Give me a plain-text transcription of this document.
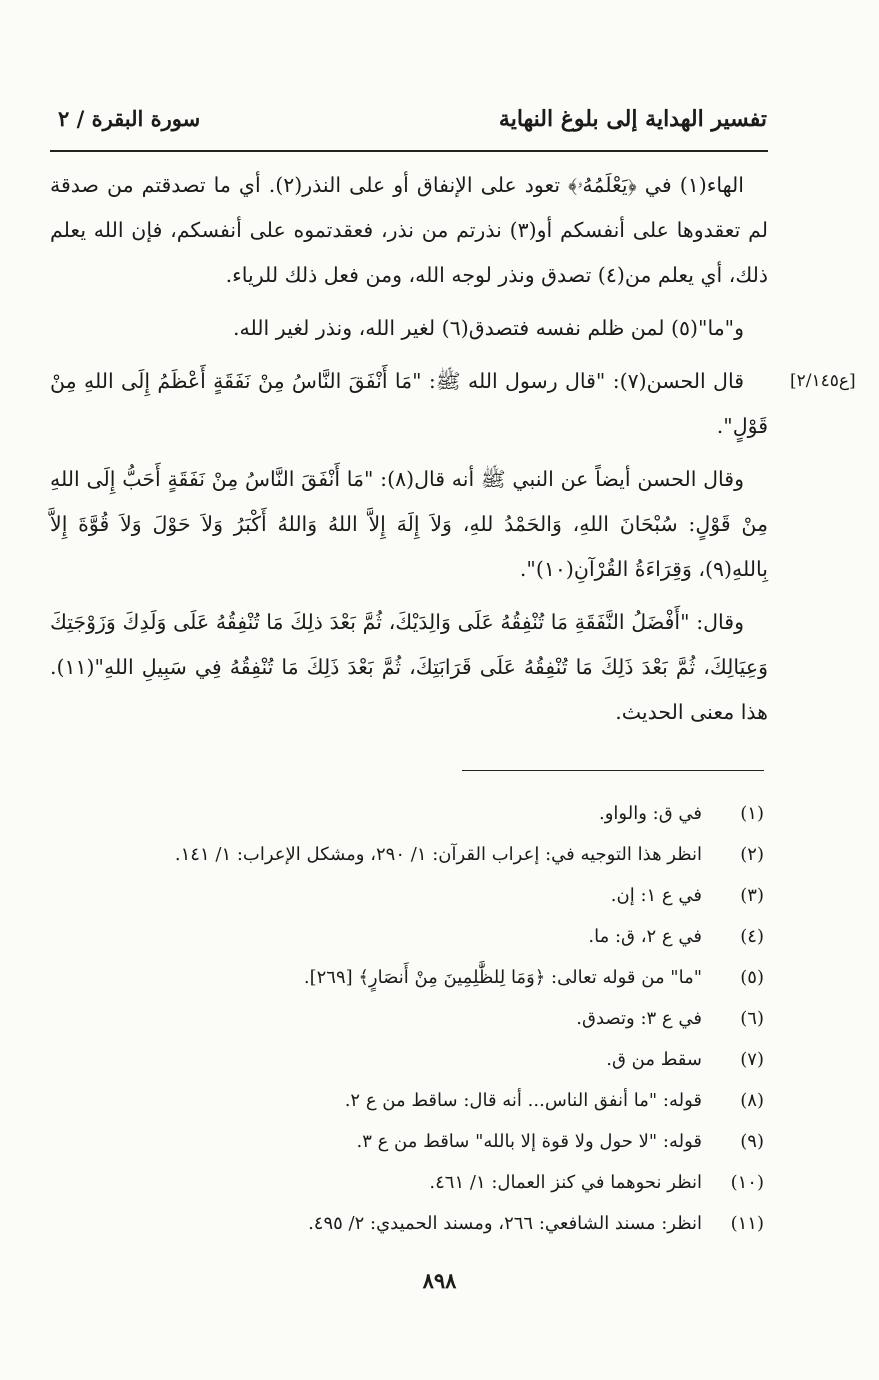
تفسير الهداية إلى بلوغ النهاية
سورة البقرة / ٢
[ع٢/١٤٥]

الهاء(١) في ﴿يَعْلَمُهُۥ﴾ تعود على الإنفاق أو على النذر(٢). أي ما تصدقتم من صدقة لم تعقدوها على أنفسكم أو(٣) نذرتم من نذر، فعقدتموه على أنفسكم، فإن الله يعلم ذلك، أي يعلم من(٤) تصدق ونذر لوجه الله، ومن فعل ذلك للرياء.

و"ما"(٥) لمن ظلم نفسه فتصدق(٦) لغير الله، ونذر لغير الله.

قال الحسن(٧): "قال رسول الله ﷺ: "مَا أَنْفَقَ النَّاسُ مِنْ نَفَقَةٍ أَعْظَمُ إِلَى اللهِ مِنْ قَوْلٍ".

وقال الحسن أيضاً عن النبي ﷺ أنه قال(٨): "مَا أَنْفَقَ النَّاسُ مِنْ نَفَقَةٍ أَحَبُّ إِلَى اللهِ مِنْ قَوْلٍ: سُبْحَانَ اللهِ، وَالحَمْدُ للهِ، وَلاَ إِلَهَ إِلاَّ اللهُ وَاللهُ أَكْبَرُ وَلاَ حَوْلَ وَلاَ قُوَّةَ إِلاَّ بِاللهِ(٩)، وَقِرَاءَةُ القُرْآنِ(١٠)".

وقال: "أَفْضَلُ النَّفَقَةِ مَا تُنْفِقُهُ عَلَى وَالِدَيْكَ، ثُمَّ بَعْدَ ذلِكَ مَا تُنْفِقُهُ عَلَى وَلَدِكَ وَزَوْجَتِكَ وَعِيَالِكَ، ثُمَّ بَعْدَ ذَلِكَ مَا تُنْفِقُهُ عَلَى قَرَابَتِكَ، ثُمَّ بَعْدَ ذَلِكَ مَا تُنْفِقُهُ فِي سَبِيلِ اللهِ"(١١). هذا معنى الحديث.

(١)في ق: والواو.
(٢)انظر هذا التوجيه في: إعراب القرآن: ١/ ٢٩٠، ومشكل الإعراب: ١/ ١٤١.
(٣)في ع ١: إن.
(٤)في ع ٢، ق: ما.
(٥)"ما" من قوله تعالى: ﴿وَمَا لِلظَّٰلِمِينَ مِنْ أَنصَارٍ﴾ [٢٦٩].
(٦)في ع ٣: وتصدق.
(٧)سقط من ق.
(٨)قوله: "ما أنفق الناس... أنه قال: ساقط من ع ٢.
(٩)قوله: "لا حول ولا قوة إلا بالله" ساقط من ع ٣.
(١٠)انظر نحوهما في كنز العمال: ١/ ٤٦١.
(١١)انظر: مسند الشافعي: ٢٦٦، ومسند الحميدي: ٢/ ٤٩٥.
٨٩٨
